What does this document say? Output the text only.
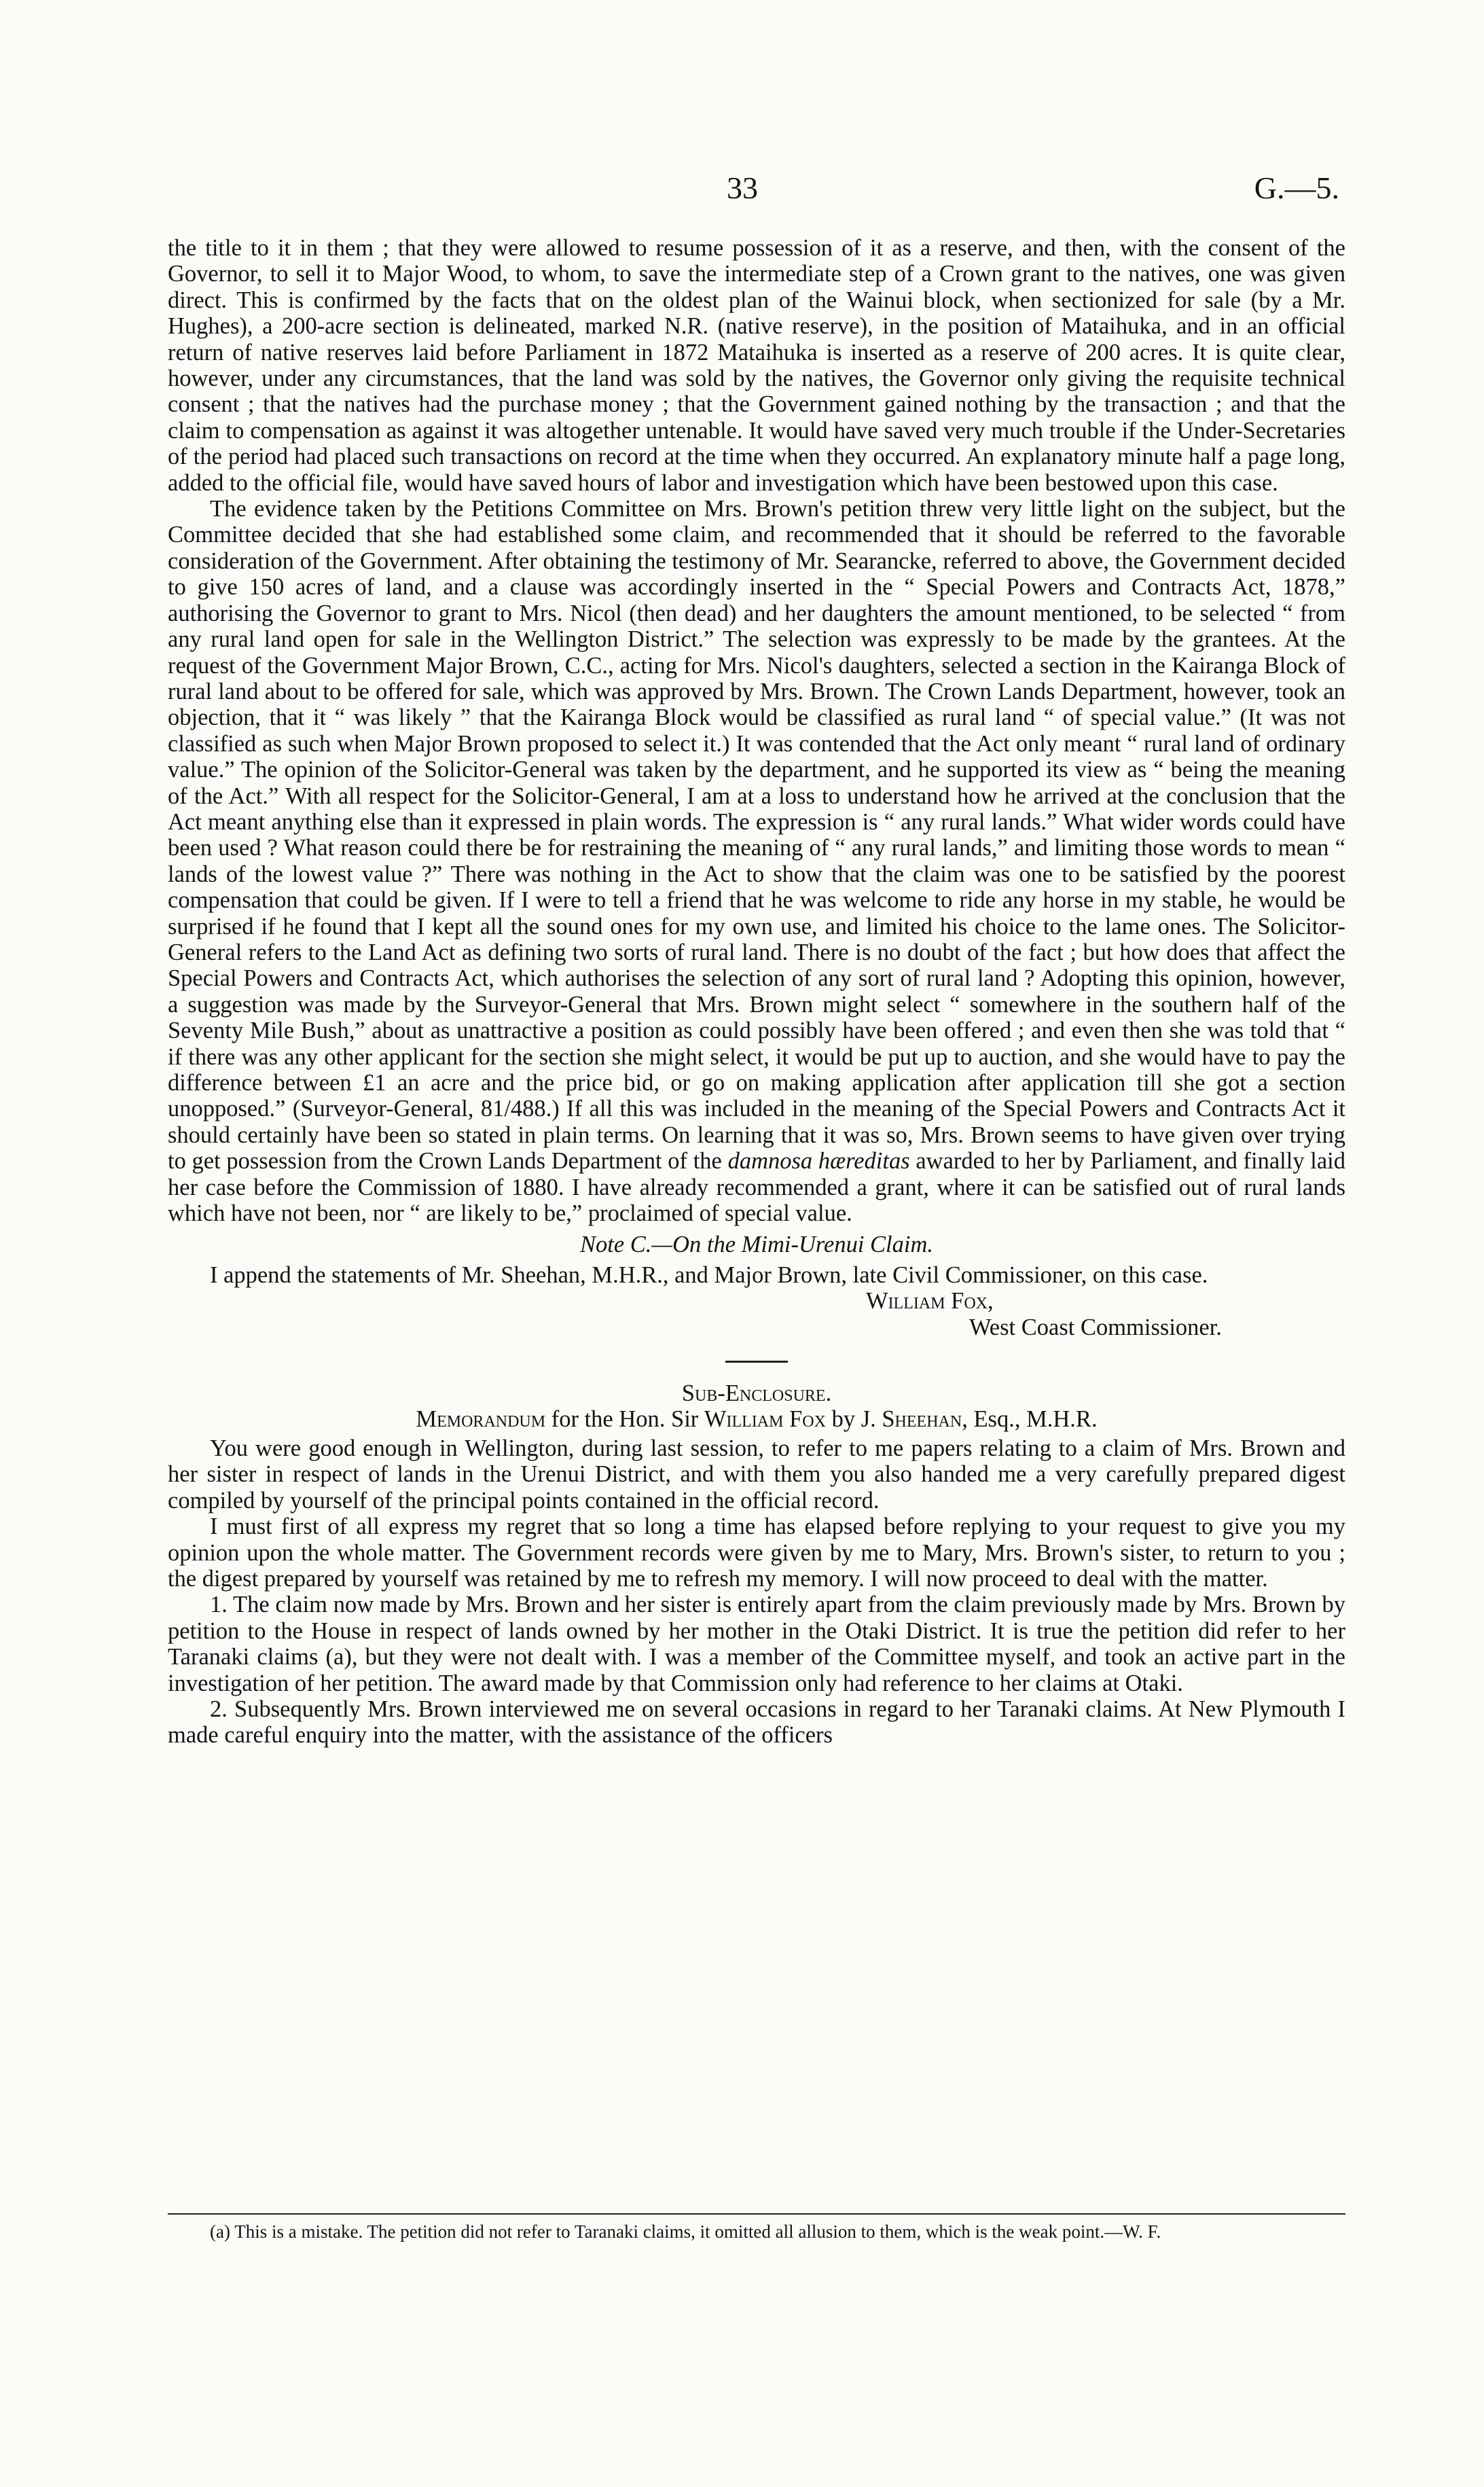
33	G.—5.

the title to it in them ; that they were allowed to resume possession of it as a reserve, and then, with the consent of the Governor, to sell it to Major Wood, to whom, to save the intermediate step of a Crown grant to the natives, one was given direct. This is confirmed by the facts that on the oldest plan of the Wainui block, when sectionized for sale (by a Mr. Hughes), a 200-acre section is delineated, marked N.R. (native reserve), in the position of Mataihuka, and in an official return of native reserves laid before Parliament in 1872 Mataihuka is inserted as a reserve of 200 acres. It is quite clear, however, under any circumstances, that the land was sold by the natives, the Governor only giving the requisite technical consent ; that the natives had the purchase money ; that the Government gained nothing by the transaction ; and that the claim to compensation as against it was altogether untenable. It would have saved very much trouble if the Under-Secretaries of the period had placed such transactions on record at the time when they occurred. An explanatory minute half a page long, added to the official file, would have saved hours of labor and investigation which have been bestowed upon this case.

The evidence taken by the Petitions Committee on Mrs. Brown's petition threw very little light on the subject, but the Committee decided that she had established some claim, and recommended that it should be referred to the favorable consideration of the Government. After obtaining the testimony of Mr. Searancke, referred to above, the Government decided to give 150 acres of land, and a clause was accordingly inserted in the “ Special Powers and Contracts Act, 1878,” authorising the Governor to grant to Mrs. Nicol (then dead) and her daughters the amount mentioned, to be selected “ from any rural land open for sale in the Wellington District.” The selection was expressly to be made by the grantees. At the request of the Government Major Brown, C.C., acting for Mrs. Nicol's daughters, selected a section in the Kairanga Block of rural land about to be offered for sale, which was approved by Mrs. Brown. The Crown Lands Department, however, took an objection, that it “ was likely ” that the Kairanga Block would be classified as rural land “ of special value.” (It was not classified as such when Major Brown proposed to select it.) It was contended that the Act only meant “ rural land of ordinary value.” The opinion of the Solicitor-General was taken by the department, and he supported its view as “ being the meaning of the Act.” With all respect for the Solicitor-General, I am at a loss to understand how he arrived at the conclusion that the Act meant anything else than it expressed in plain words. The expression is “ any rural lands.” What wider words could have been used ? What reason could there be for restraining the meaning of “ any rural lands,” and limiting those words to mean “ lands of the lowest value ?” There was nothing in the Act to show that the claim was one to be satisfied by the poorest compensation that could be given. If I were to tell a friend that he was welcome to ride any horse in my stable, he would be surprised if he found that I kept all the sound ones for my own use, and limited his choice to the lame ones. The Solicitor-General refers to the Land Act as defining two sorts of rural land. There is no doubt of the fact ; but how does that affect the Special Powers and Contracts Act, which authorises the selection of any sort of rural land ? Adopting this opinion, however, a suggestion was made by the Surveyor-General that Mrs. Brown might select “ somewhere in the southern half of the Seventy Mile Bush,” about as unattractive a position as could possibly have been offered ; and even then she was told that “ if there was any other applicant for the section she might select, it would be put up to auction, and she would have to pay the difference between £1 an acre and the price bid, or go on making application after application till she got a section unopposed.” (Surveyor-General, 81/488.) If all this was included in the meaning of the Special Powers and Contracts Act it should certainly have been so stated in plain terms. On learning that it was so, Mrs. Brown seems to have given over trying to get possession from the Crown Lands Department of the damnosa hæreditas awarded to her by Parliament, and finally laid her case before the Commission of 1880. I have already recommended a grant, where it can be satisfied out of rural lands which have not been, nor “ are likely to be,” proclaimed of special value.

Note C.—On the Mimi-Urenui Claim.

I append the statements of Mr. Sheehan, M.H.R., and Major Brown, late Civil Commissioner, on this case.

William Fox,

West Coast Commissioner.

Sub-Enclosure.

Memorandum for the Hon. Sir William Fox by J. Sheehan, Esq., M.H.R.

You were good enough in Wellington, during last session, to refer to me papers relating to a claim of Mrs. Brown and her sister in respect of lands in the Urenui District, and with them you also handed me a very carefully prepared digest compiled by yourself of the principal points contained in the official record.

I must first of all express my regret that so long a time has elapsed before replying to your request to give you my opinion upon the whole matter. The Government records were given by me to Mary, Mrs. Brown's sister, to return to you ; the digest prepared by yourself was retained by me to refresh my memory. I will now proceed to deal with the matter.

1. The claim now made by Mrs. Brown and her sister is entirely apart from the claim previously made by Mrs. Brown by petition to the House in respect of lands owned by her mother in the Otaki District. It is true the petition did refer to her Taranaki claims (a), but they were not dealt with. I was a member of the Committee myself, and took an active part in the investigation of her petition. The award made by that Commission only had reference to her claims at Otaki.

2. Subsequently Mrs. Brown interviewed me on several occasions in regard to her Taranaki claims. At New Plymouth I made careful enquiry into the matter, with the assistance of the officers

(a) This is a mistake. The petition did not refer to Taranaki claims, it omitted all allusion to them, which is the weak point.—W. F.
